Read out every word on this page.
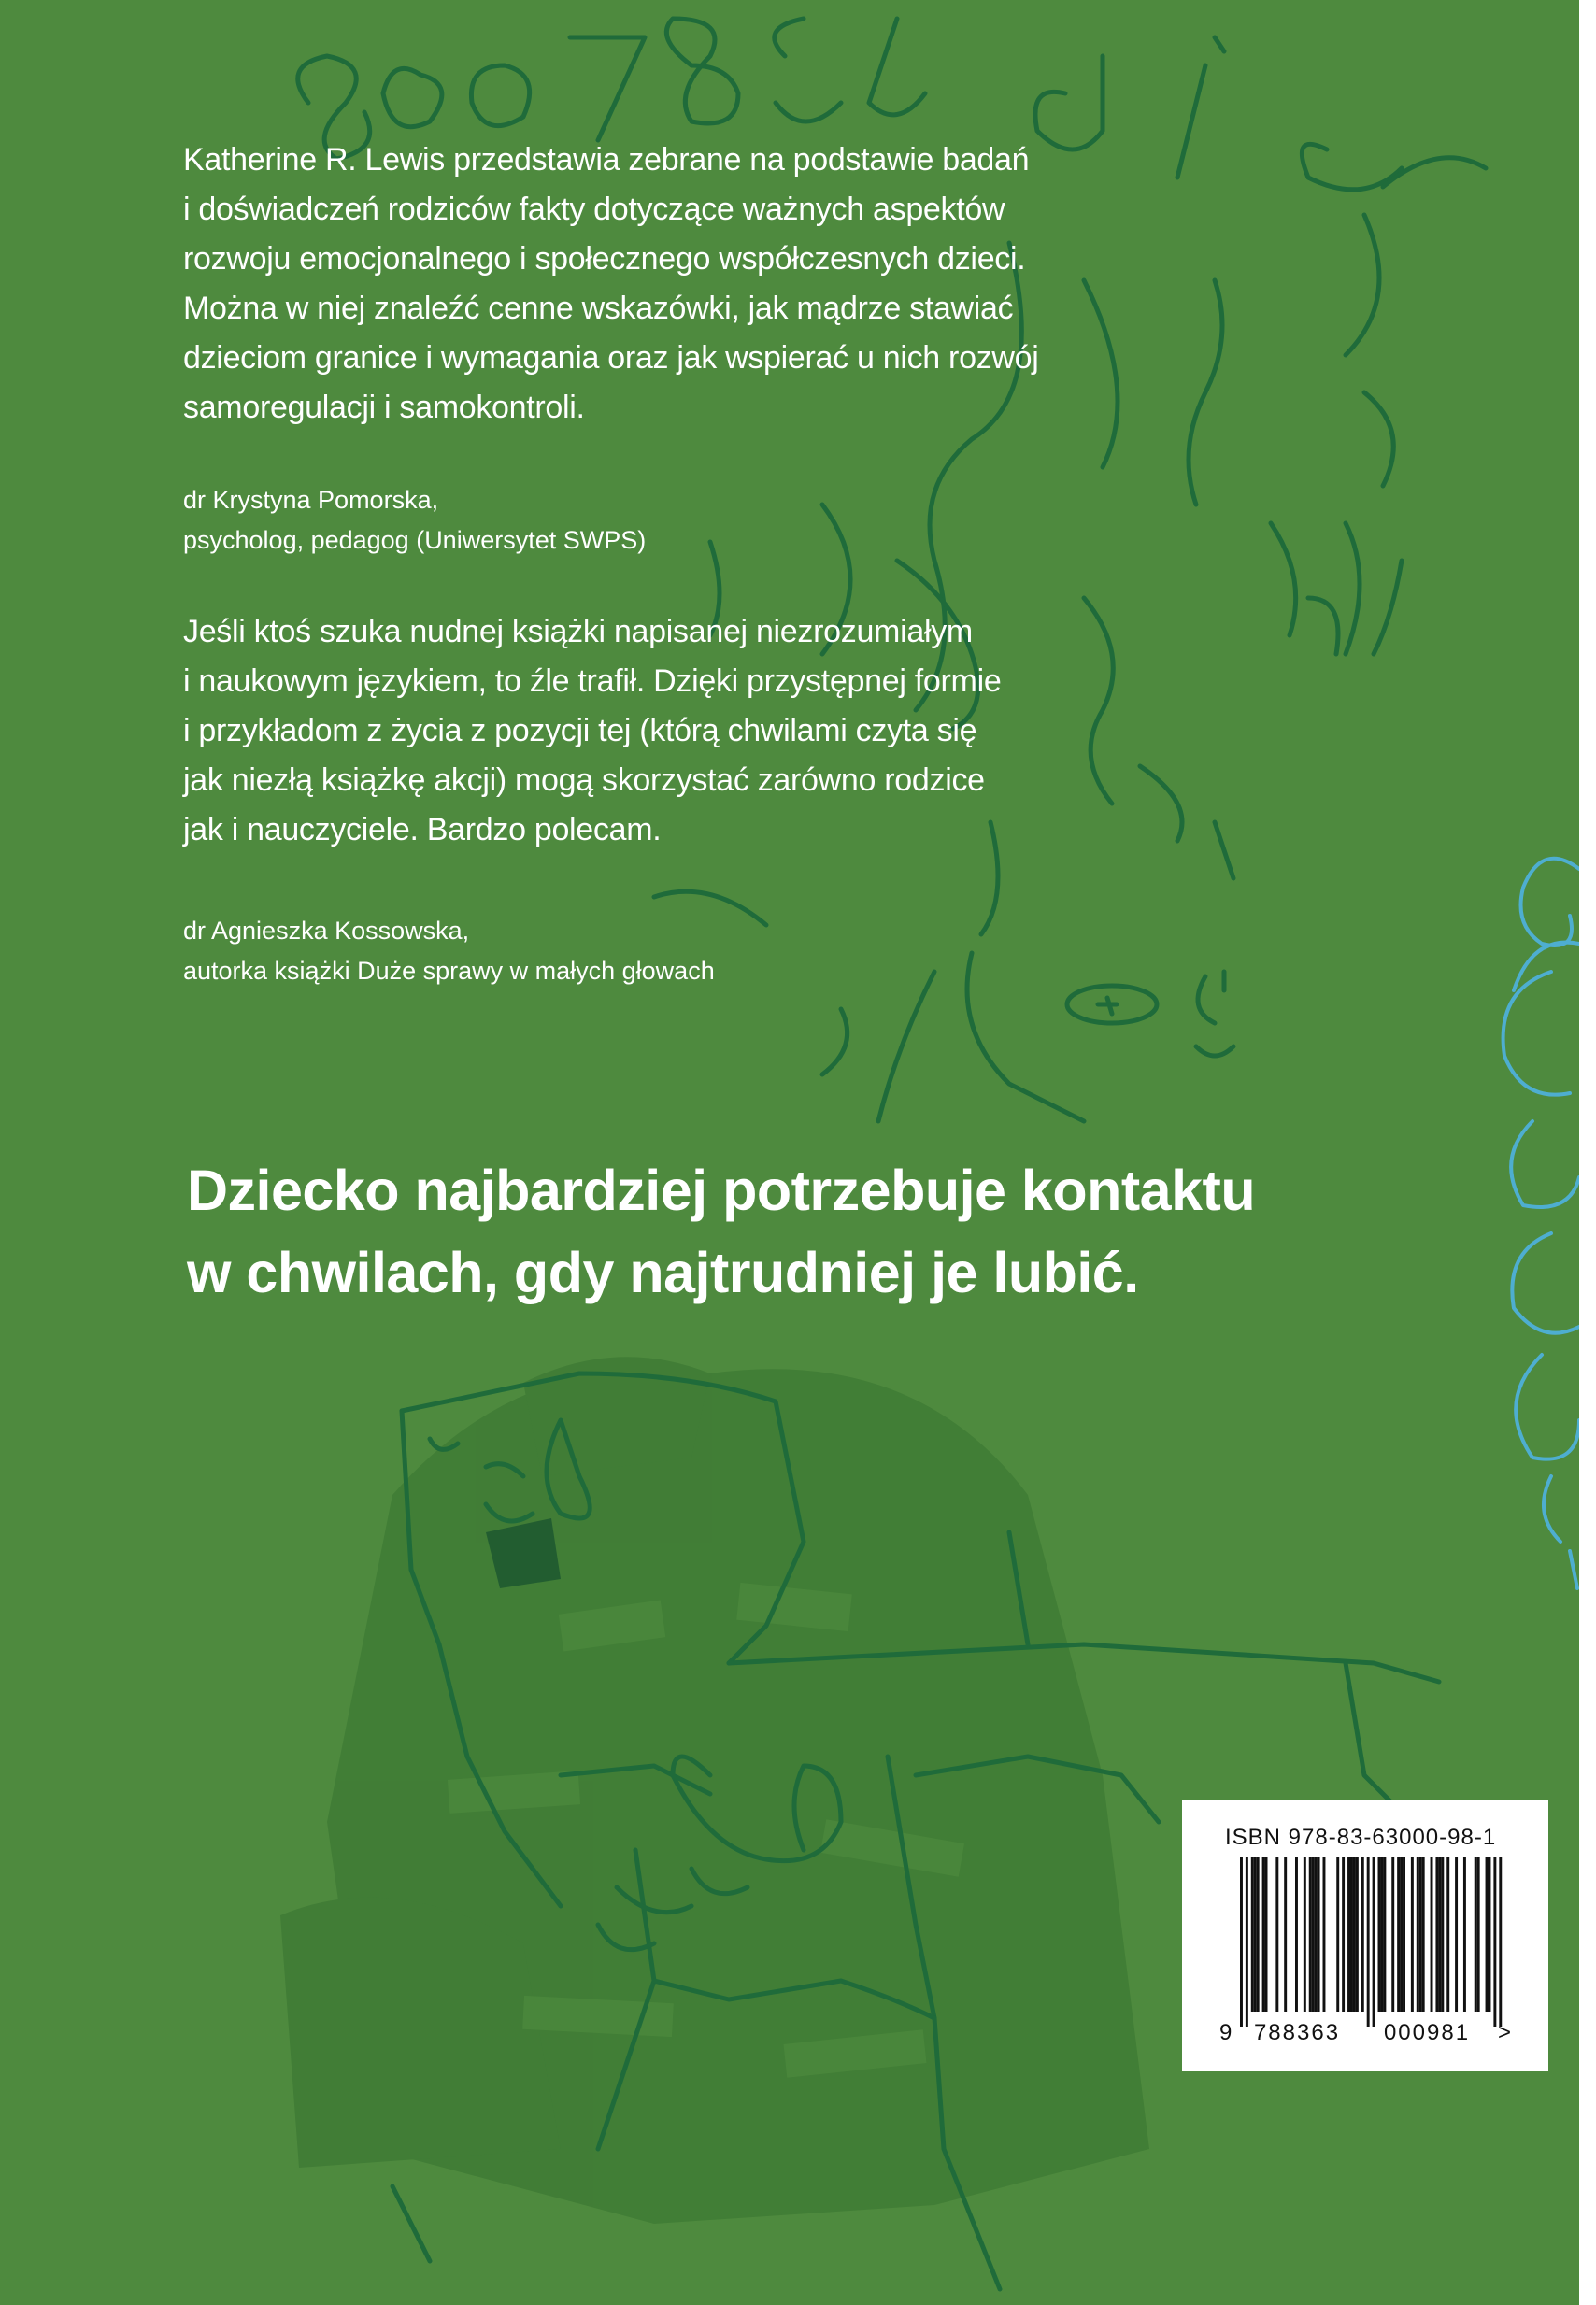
Katherine R. Lewis przedstawia zebrane na podstawie badań
i doświadczeń rodziców fakty dotyczące ważnych aspektów
rozwoju emocjonalnego i społecznego współczesnych dzieci.
Można w niej znaleźć cenne wskazówki, jak mądrze stawiać
dzieciom granice i wymagania oraz jak wspierać u nich rozwój
samoregulacji i samokontroli.
dr Krystyna Pomorska,
psycholog, pedagog (Uniwersytet SWPS)
Jeśli ktoś szuka nudnej książki napisanej niezrozumiałym
i naukowym językiem, to źle trafił. Dzięki przystępnej formie
i przykładom z życia z pozycji tej (którą chwilami czyta się
jak niezłą książkę akcji) mogą skorzystać zarówno rodzice
jak i nauczyciele. Bardzo polecam.
dr Agnieszka Kossowska,
autorka książki Duże sprawy w małych głowach
Dziecko najbardziej potrzebuje kontaktu
w chwilach, gdy najtrudniej je lubić.
ISBN 978-83-63000-98-1
9 788363 000981 >
